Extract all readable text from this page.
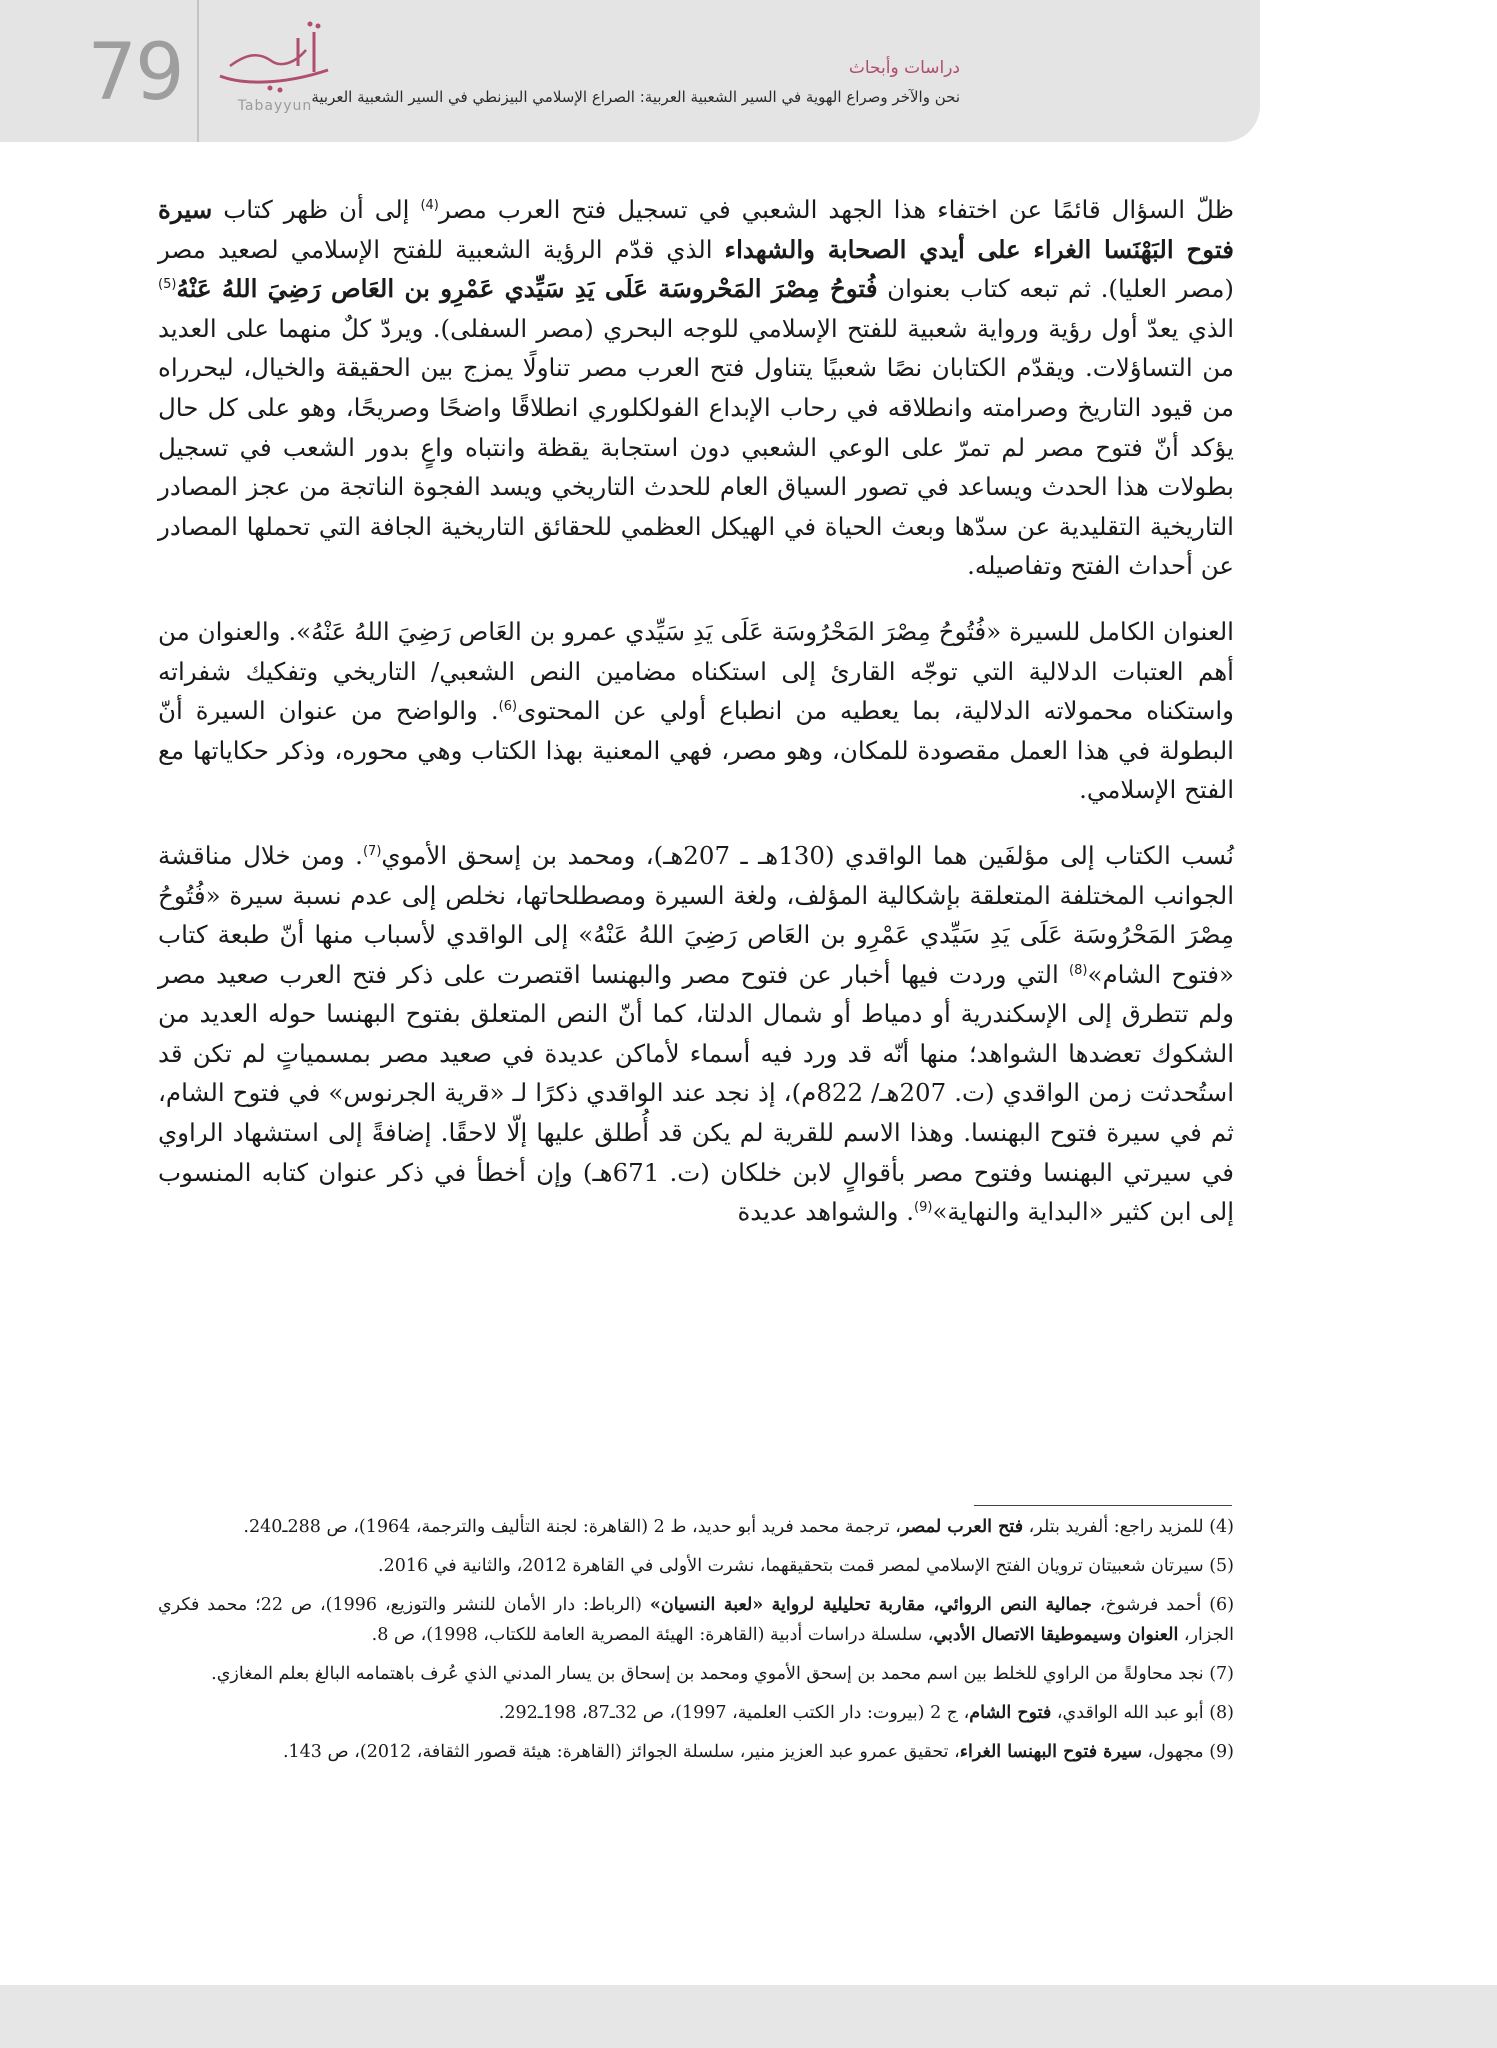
79	Tabayyun
دراسات وأبحاث
نحن والآخر وصراع الهوية في السير الشعبية العربية: الصراع الإسلامي البيزنطي في السير الشعبية العربية

ظلّ السؤال قائمًا عن اختفاء هذا الجهد الشعبي في تسجيل فتح العرب مصر$^{(4)}$ إلى أن ظهر كتاب سيرة فتوح البَهْنَسا الغراء على أيدي الصحابة والشهداء الذي قدّم الرؤية الشعبية للفتح الإسلامي لصعيد مصر (مصر العليا). ثم تبعه كتاب بعنوان فُتوحُ مِصْرَ المَحْروسَة عَلَى يَدِ سَيِّدي عَمْرِو بن العَاص رَضِيَ اللهُ عَنْهُ$^{(5)}$ الذي يعدّ أول رؤية ورواية شعبية للفتح الإسلامي للوجه البحري (مصر السفلى). ويردّ كلٌ منهما على العديد من التساؤلات. ويقدّم الكتابان نصًا شعبيًا يتناول فتح العرب مصر تناولًا يمزج بين الحقيقة والخيال، ليحرراه من قيود التاريخ وصرامته وانطلاقه في رحاب الإبداع الفولكلوري انطلاقًا واضحًا وصريحًا، وهو على كل حال يؤكد أنّ فتوح مصر لم تمرّ على الوعي الشعبي دون استجابة يقظة وانتباه واعٍ بدور الشعب في تسجيل بطولات هذا الحدث ويساعد في تصور السياق العام للحدث التاريخي ويسد الفجوة الناتجة من عجز المصادر التاريخية التقليدية عن سدّها وبعث الحياة في الهيكل العظمي للحقائق التاريخية الجافة التي تحملها المصادر عن أحداث الفتح وتفاصيله.

العنوان الكامل للسيرة «فُتُوحُ مِصْرَ المَحْرُوسَة عَلَى يَدِ سَيِّدي عمرو بن العَاص رَضِيَ اللهُ عَنْهُ». والعنوان من أهم العتبات الدلالية التي توجّه القارئ إلى استكناه مضامين النص الشعبي/ التاريخي وتفكيك شفراته واستكناه محمولاته الدلالية، بما يعطيه من انطباع أولي عن المحتوى$^{(6)}$. والواضح من عنوان السيرة أنّ البطولة في هذا العمل مقصودة للمكان، وهو مصر، فهي المعنية بهذا الكتاب وهي محوره، وذكر حكاياتها مع الفتح الإسلامي.

نُسب الكتاب إلى مؤلفَين هما الواقدي (130هـ ـ 207هـ)، ومحمد بن إسحق الأموي$^{(7)}$. ومن خلال مناقشة الجوانب المختلفة المتعلقة بإشكالية المؤلف، ولغة السيرة ومصطلحاتها، نخلص إلى عدم نسبة سيرة «فُتُوحُ مِصْرَ المَحْرُوسَة عَلَى يَدِ سَيِّدي عَمْرِو بن العَاص رَضِيَ اللهُ عَنْهُ» إلى الواقدي لأسباب منها أنّ طبعة كتاب «فتوح الشام»$^{(8)}$ التي وردت فيها أخبار عن فتوح مصر والبهنسا اقتصرت على ذكر فتح العرب صعيد مصر ولم تتطرق إلى الإسكندرية أو دمياط أو شمال الدلتا، كما أنّ النص المتعلق بفتوح البهنسا حوله العديد من الشكوك تعضدها الشواهد؛ منها أنّه قد ورد فيه أسماء لأماكن عديدة في صعيد مصر بمسمياتٍ لم تكن قد استُحدثت زمن الواقدي (ت. 207هـ/ 822م)، إذ نجد عند الواقدي ذكرًا لـ «قرية الجرنوس» في فتوح الشام، ثم في سيرة فتوح البهنسا. وهذا الاسم للقرية لم يكن قد أُطلق عليها إلّا لاحقًا. إضافةً إلى استشهاد الراوي في سيرتي البهنسا وفتوح مصر بأقوالٍ لابن خلكان (ت. 671هـ) وإن أخطأ في ذكر عنوان كتابه المنسوب إلى ابن كثير «البداية والنهاية»$^{(9)}$. والشواهد عديدة

(4) للمزيد راجع: ألفريد بتلر، فتح العرب لمصر، ترجمة محمد فريد أبو حديد، ط 2 (القاهرة: لجنة التأليف والترجمة، 1964)، ص 288ـ240.
(5) سيرتان شعبيتان ترويان الفتح الإسلامي لمصر قمت بتحقيقهما، نشرت الأولى في القاهرة 2012، والثانية في 2016.
(6) أحمد فرشوخ، جمالية النص الروائي، مقاربة تحليلية لرواية «لعبة النسيان» (الرباط: دار الأمان للنشر والتوزيع، 1996)، ص 22؛ محمد فكري الجزار، العنوان وسيموطيقا الاتصال الأدبي، سلسلة دراسات أدبية (القاهرة: الهيئة المصرية العامة للكتاب، 1998)، ص 8.
(7) نجد محاولةً من الراوي للخلط بين اسم محمد بن إسحق الأموي ومحمد بن إسحاق بن يسار المدني الذي عُرف باهتمامه البالغ بعلم المغازي.
(8) أبو عبد الله الواقدي، فتوح الشام، ج 2 (بيروت: دار الكتب العلمية، 1997)، ص 32ـ87، 198ـ292.
(9) مجهول، سيرة فتوح البهنسا الغراء، تحقيق عمرو عبد العزيز منير، سلسلة الجوائز (القاهرة: هيئة قصور الثقافة، 2012)، ص 143.
